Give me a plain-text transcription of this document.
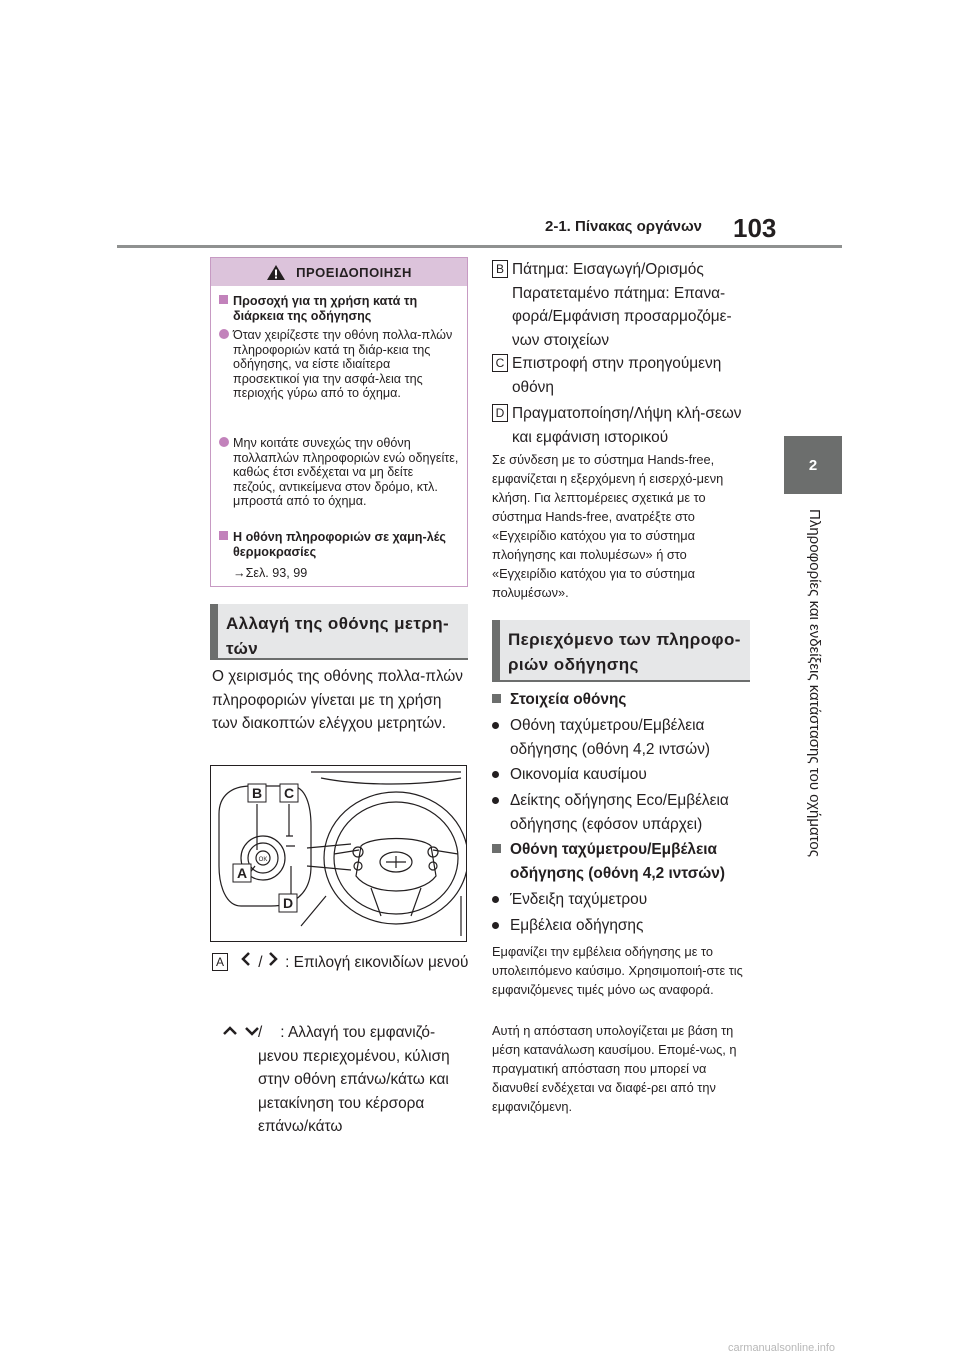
2-1. Πίνακας οργάνων 103
2
Πληροφορίες και ενδείξεις κατάστασης του οχήματος
ΠΡΟΕΙΔΟΠΟΙΗΣΗ
Προσοχή για τη χρήση κατά τη διάρκεια της οδήγησης
Όταν χειρίζεστε την οθόνη πολλα-πλών πληροφοριών κατά τη διάρ-κεια της οδήγησης, να είστε ιδιαίτερα προσεκτικοί για την ασφά-λεια της περιοχής γύρω από το όχημα.
Μην κοιτάτε συνεχώς την οθόνη πολλαπλών πληροφοριών ενώ οδηγείτε, καθώς έτσι ενδέχεται να μη δείτε πεζούς, αντικείμενα στον δρόμο, κτλ. μπροστά από το όχημα.
Η οθόνη πληροφοριών σε χαμη-λές θερμοκρασίες
→Σελ. 93, 99
Αλλαγή της οθόνης μετρη-τών
Ο χειρισμός της οθόνης πολλα-πλών πληροφοριών γίνεται με τη χρήση των διακοπτών ελέγχου μετρητών.
OK
B C
A
D
A	/ : Επιλογή εικονιδίων μενού
/ : Αλλαγή του εμφανιζό-μενου περιεχομένου, κύλιση στην οθόνη επάνω/κάτω και μετακίνηση του κέρσορα επάνω/κάτω
B Πάτημα: Εισαγωγή/Ορισμός Παρατεταμένο πάτημα: Επανα-φορά/Εμφάνιση προσαρμοζόμε-νων στοιχείων
C Επιστροφή στην προηγούμενη οθόνη
D Πραγματοποίηση/Λήψη κλή-σεων και εμφάνιση ιστορικού
Σε σύνδεση με το σύστημα Hands-free, εμφανίζεται η εξερχόμενη ή εισερχό-μενη κλήση. Για λεπτομέρειες σχετικά με το σύστημα Hands-free, ανατρέξτε στο «Εγχειρίδιο κατόχου για το σύστημα πλοήγησης και πολυμέσων» ή στο «Εγχειρίδιο κατόχου για το σύστημα πολυμέσων».
Περιεχόμενο των πληροφο-ριών οδήγησης
Στοιχεία οθόνης
Οθόνη ταχύμετρου/Εμβέλεια οδήγησης (οθόνη 4,2 ιντσών)
Οικονομία καυσίμου
Δείκτης οδήγησης Eco/Εμβέλεια οδήγησης (εφόσον υπάρχει)
Οθόνη ταχύμετρου/Εμβέλεια οδήγησης (οθόνη 4,2 ιντσών)
Ένδειξη ταχύμετρου
Εμβέλεια οδήγησης
Εμφανίζει την εμβέλεια οδήγησης με το υπολειπόμενο καύσιμο. Χρησιμοποιή-στε τις εμφανιζόμενες τιμές μόνο ως αναφορά.
Αυτή η απόσταση υπολογίζεται με βάση τη μέση κατανάλωση καυσίμου. Επομέ-νως, η πραγματική απόσταση που μπορεί να διανυθεί ενδέχεται να διαφέ-ρει από την εμφανιζόμενη.
carmanualsonline.info
